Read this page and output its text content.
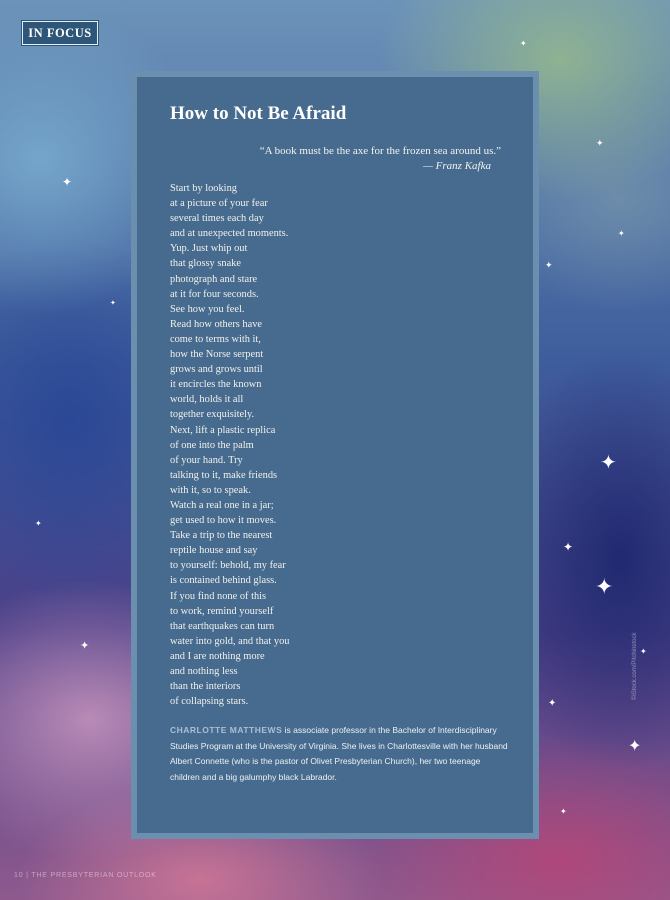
✦
✦
✦
✦
✦
✦
✦
✦
✦
✦
✦
✦
✦
✦
✦
IN FOCUS
How to Not Be Afraid
“A book must be the axe for the frozen sea around us.”
— Franz Kafka
Start by looking
at a picture of your fear
several times each day
and at unexpected moments.
Yup. Just whip out
that glossy snake
photograph and stare
at it for four seconds.
See how you feel.
Read how others have
come to terms with it,
how the Norse serpent
grows and grows until
it encircles the known
world, holds it all
together exquisitely.
Next, lift a plastic replica
of one into the palm
of your hand. Try
talking to it, make friends
with it, so to speak.
Watch a real one in a jar;
get used to how it moves.
Take a trip to the nearest
reptile house and say
to yourself: behold, my fear
is contained behind glass.
If you find none of this
to work, remind yourself
that earthquakes can turn
water into gold, and that you
and I are nothing more
and nothing less
than the interiors
of collapsing stars.
CHARLOTTE MATTHEWS is associate professor in the Bachelor of Interdisciplinary Studies Program at the University of Virginia. She lives in Charlottesville with her husband Albert Connette (who is the pastor of Olivet Presbyterian Church), her two teenage children and a big galumphy black Labrador.
©iStock.com/Pitchinstock
10 | THE PRESBYTERIAN OUTLOOK
